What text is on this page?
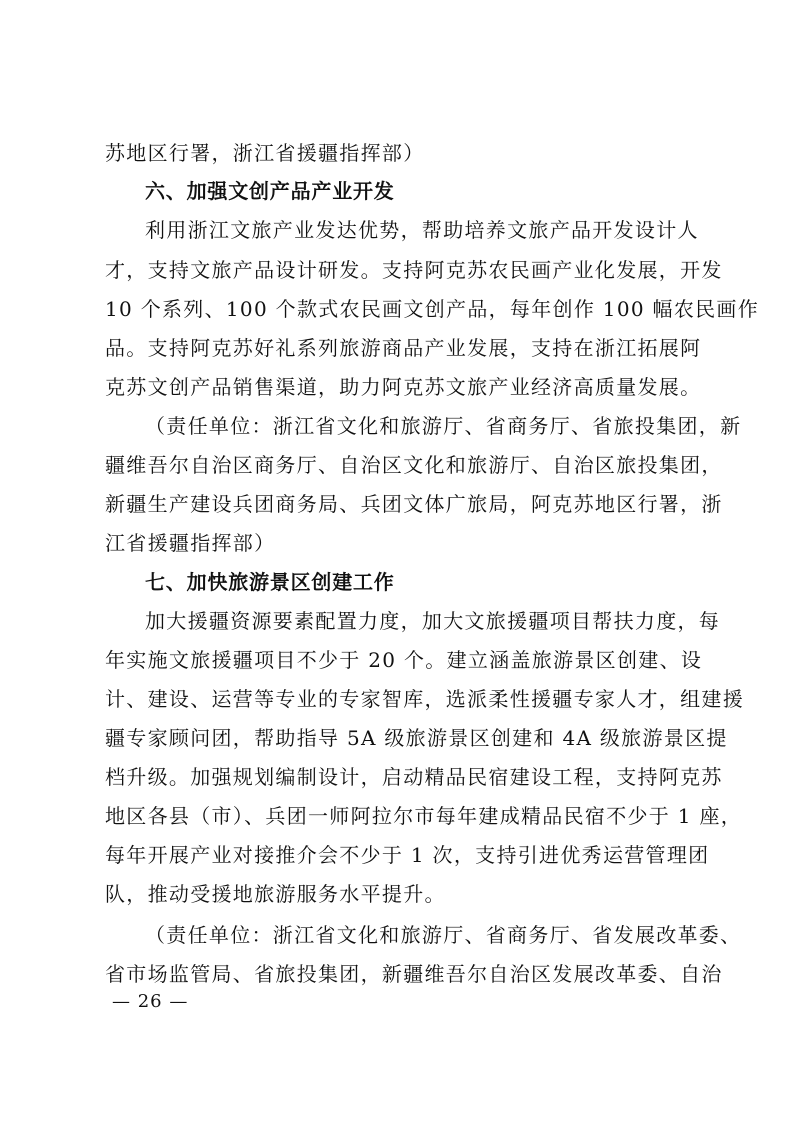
苏地区行署，浙江省援疆指挥部）
六、加强文创产品产业开发
利用浙江文旅产业发达优势，帮助培养文旅产品开发设计人
才，支持文旅产品设计研发。支持阿克苏农民画产业化发展，开发
10 个系列、100 个款式农民画文创产品，每年创作 100 幅农民画作
品。支持阿克苏好礼系列旅游商品产业发展，支持在浙江拓展阿
克苏文创产品销售渠道，助力阿克苏文旅产业经济高质量发展。
（责任单位：浙江省文化和旅游厅、省商务厅、省旅投集团，新
疆维吾尔自治区商务厅、自治区文化和旅游厅、自治区旅投集团，
新疆生产建设兵团商务局、兵团文体广旅局，阿克苏地区行署，浙
江省援疆指挥部）
七、加快旅游景区创建工作
加大援疆资源要素配置力度，加大文旅援疆项目帮扶力度，每
年实施文旅援疆项目不少于 20 个。建立涵盖旅游景区创建、设
计、建设、运营等专业的专家智库，选派柔性援疆专家人才，组建援
疆专家顾问团，帮助指导 5A 级旅游景区创建和 4A 级旅游景区提
档升级。加强规划编制设计，启动精品民宿建设工程，支持阿克苏
地区各县（市）、兵团一师阿拉尔市每年建成精品民宿不少于 1 座，
每年开展产业对接推介会不少于 1 次，支持引进优秀运营管理团
队，推动受援地旅游服务水平提升。
（责任单位：浙江省文化和旅游厅、省商务厅、省发展改革委、
省市场监管局、省旅投集团，新疆维吾尔自治区发展改革委、自治
— 26 —
